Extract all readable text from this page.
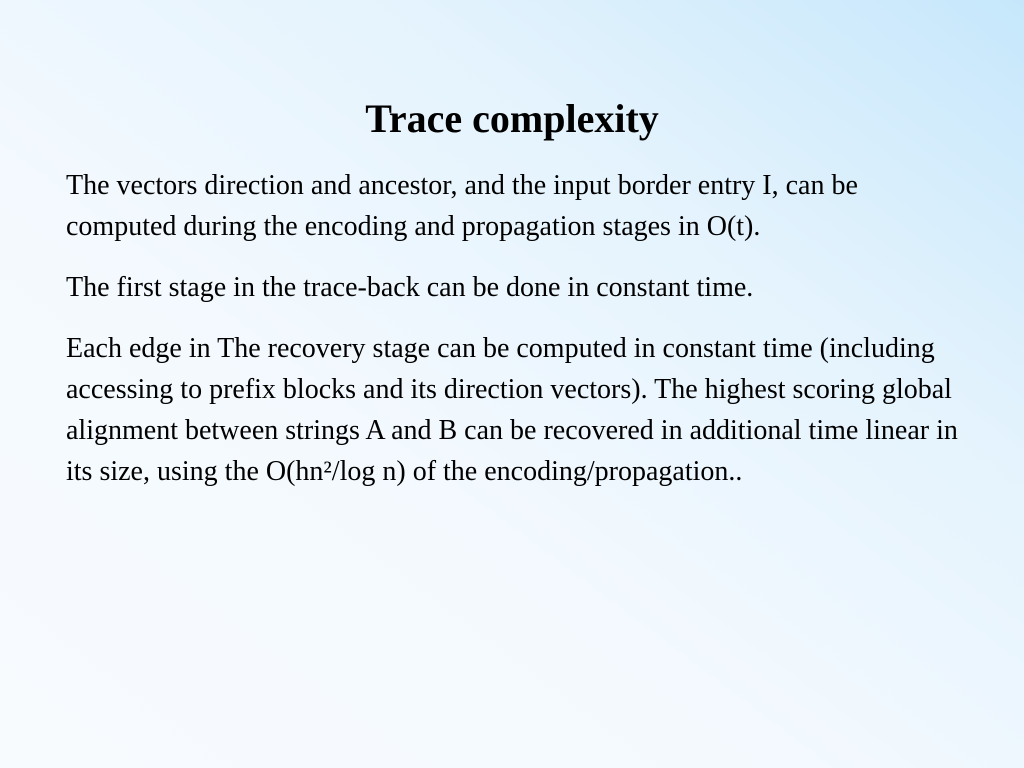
Trace complexity

The vectors direction and ancestor, and the input border entry I, can be computed during the encoding and propagation stages in O(t).

The first stage in the trace-back can be done in constant time.

Each edge in The recovery stage can be computed in constant time (including accessing to prefix blocks and its direction vectors). The highest scoring global alignment between strings A and B can be recovered in additional time linear in its size, using the O(hn²/log n) of the encoding/propagation..
